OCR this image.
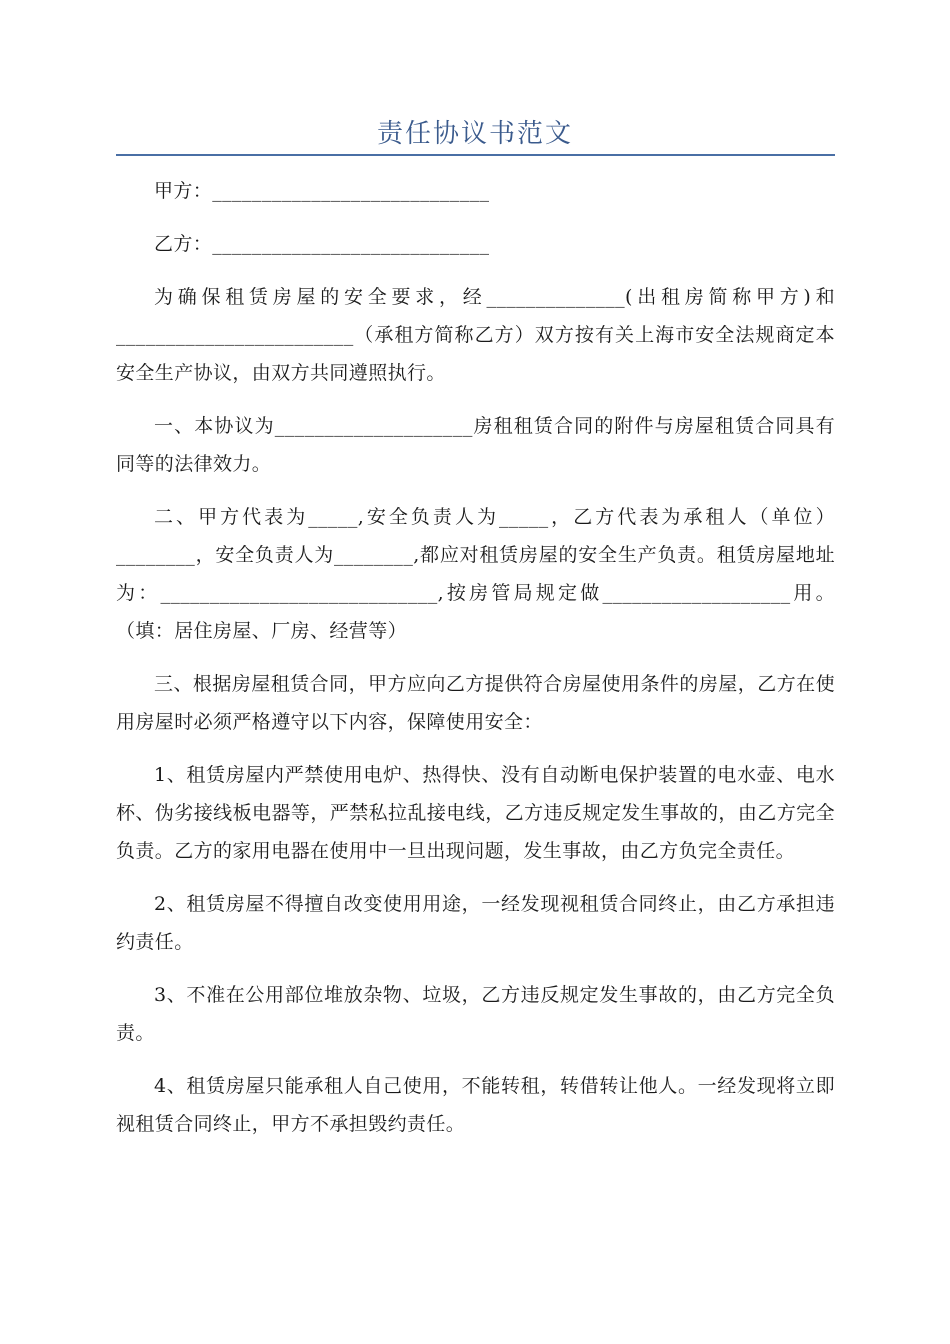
责任协议书范文

甲方：____________________________

乙方：____________________________

为确保租赁房屋的安全要求，经______________(出租房简称甲方)和________________________（承租方简称乙方）双方按有关上海市安全法规商定本安全生产协议，由双方共同遵照执行。

一、本协议为____________________房租租赁合同的附件与房屋租赁合同具有同等的法律效力。

二、甲方代表为_____,安全负责人为_____，乙方代表为承租人（单位）________，安全负责人为________,都应对租赁房屋的安全生产负责。租赁房屋地址为：____________________________,按房管局规定做___________________用。（填：居住房屋、厂房、经营等）

三、根据房屋租赁合同，甲方应向乙方提供符合房屋使用条件的房屋，乙方在使用房屋时必须严格遵守以下内容，保障使用安全：

1、租赁房屋内严禁使用电炉、热得快、没有自动断电保护装置的电水壶、电水杯、伪劣接线板电器等，严禁私拉乱接电线，乙方违反规定发生事故的，由乙方完全负责。乙方的家用电器在使用中一旦出现问题，发生事故，由乙方负完全责任。

2、租赁房屋不得擅自改变使用用途，一经发现视租赁合同终止，由乙方承担违约责任。

3、不准在公用部位堆放杂物、垃圾，乙方违反规定发生事故的，由乙方完全负责。

4、租赁房屋只能承租人自己使用，不能转租，转借转让他人。一经发现将立即视租赁合同终止，甲方不承担毁约责任。
